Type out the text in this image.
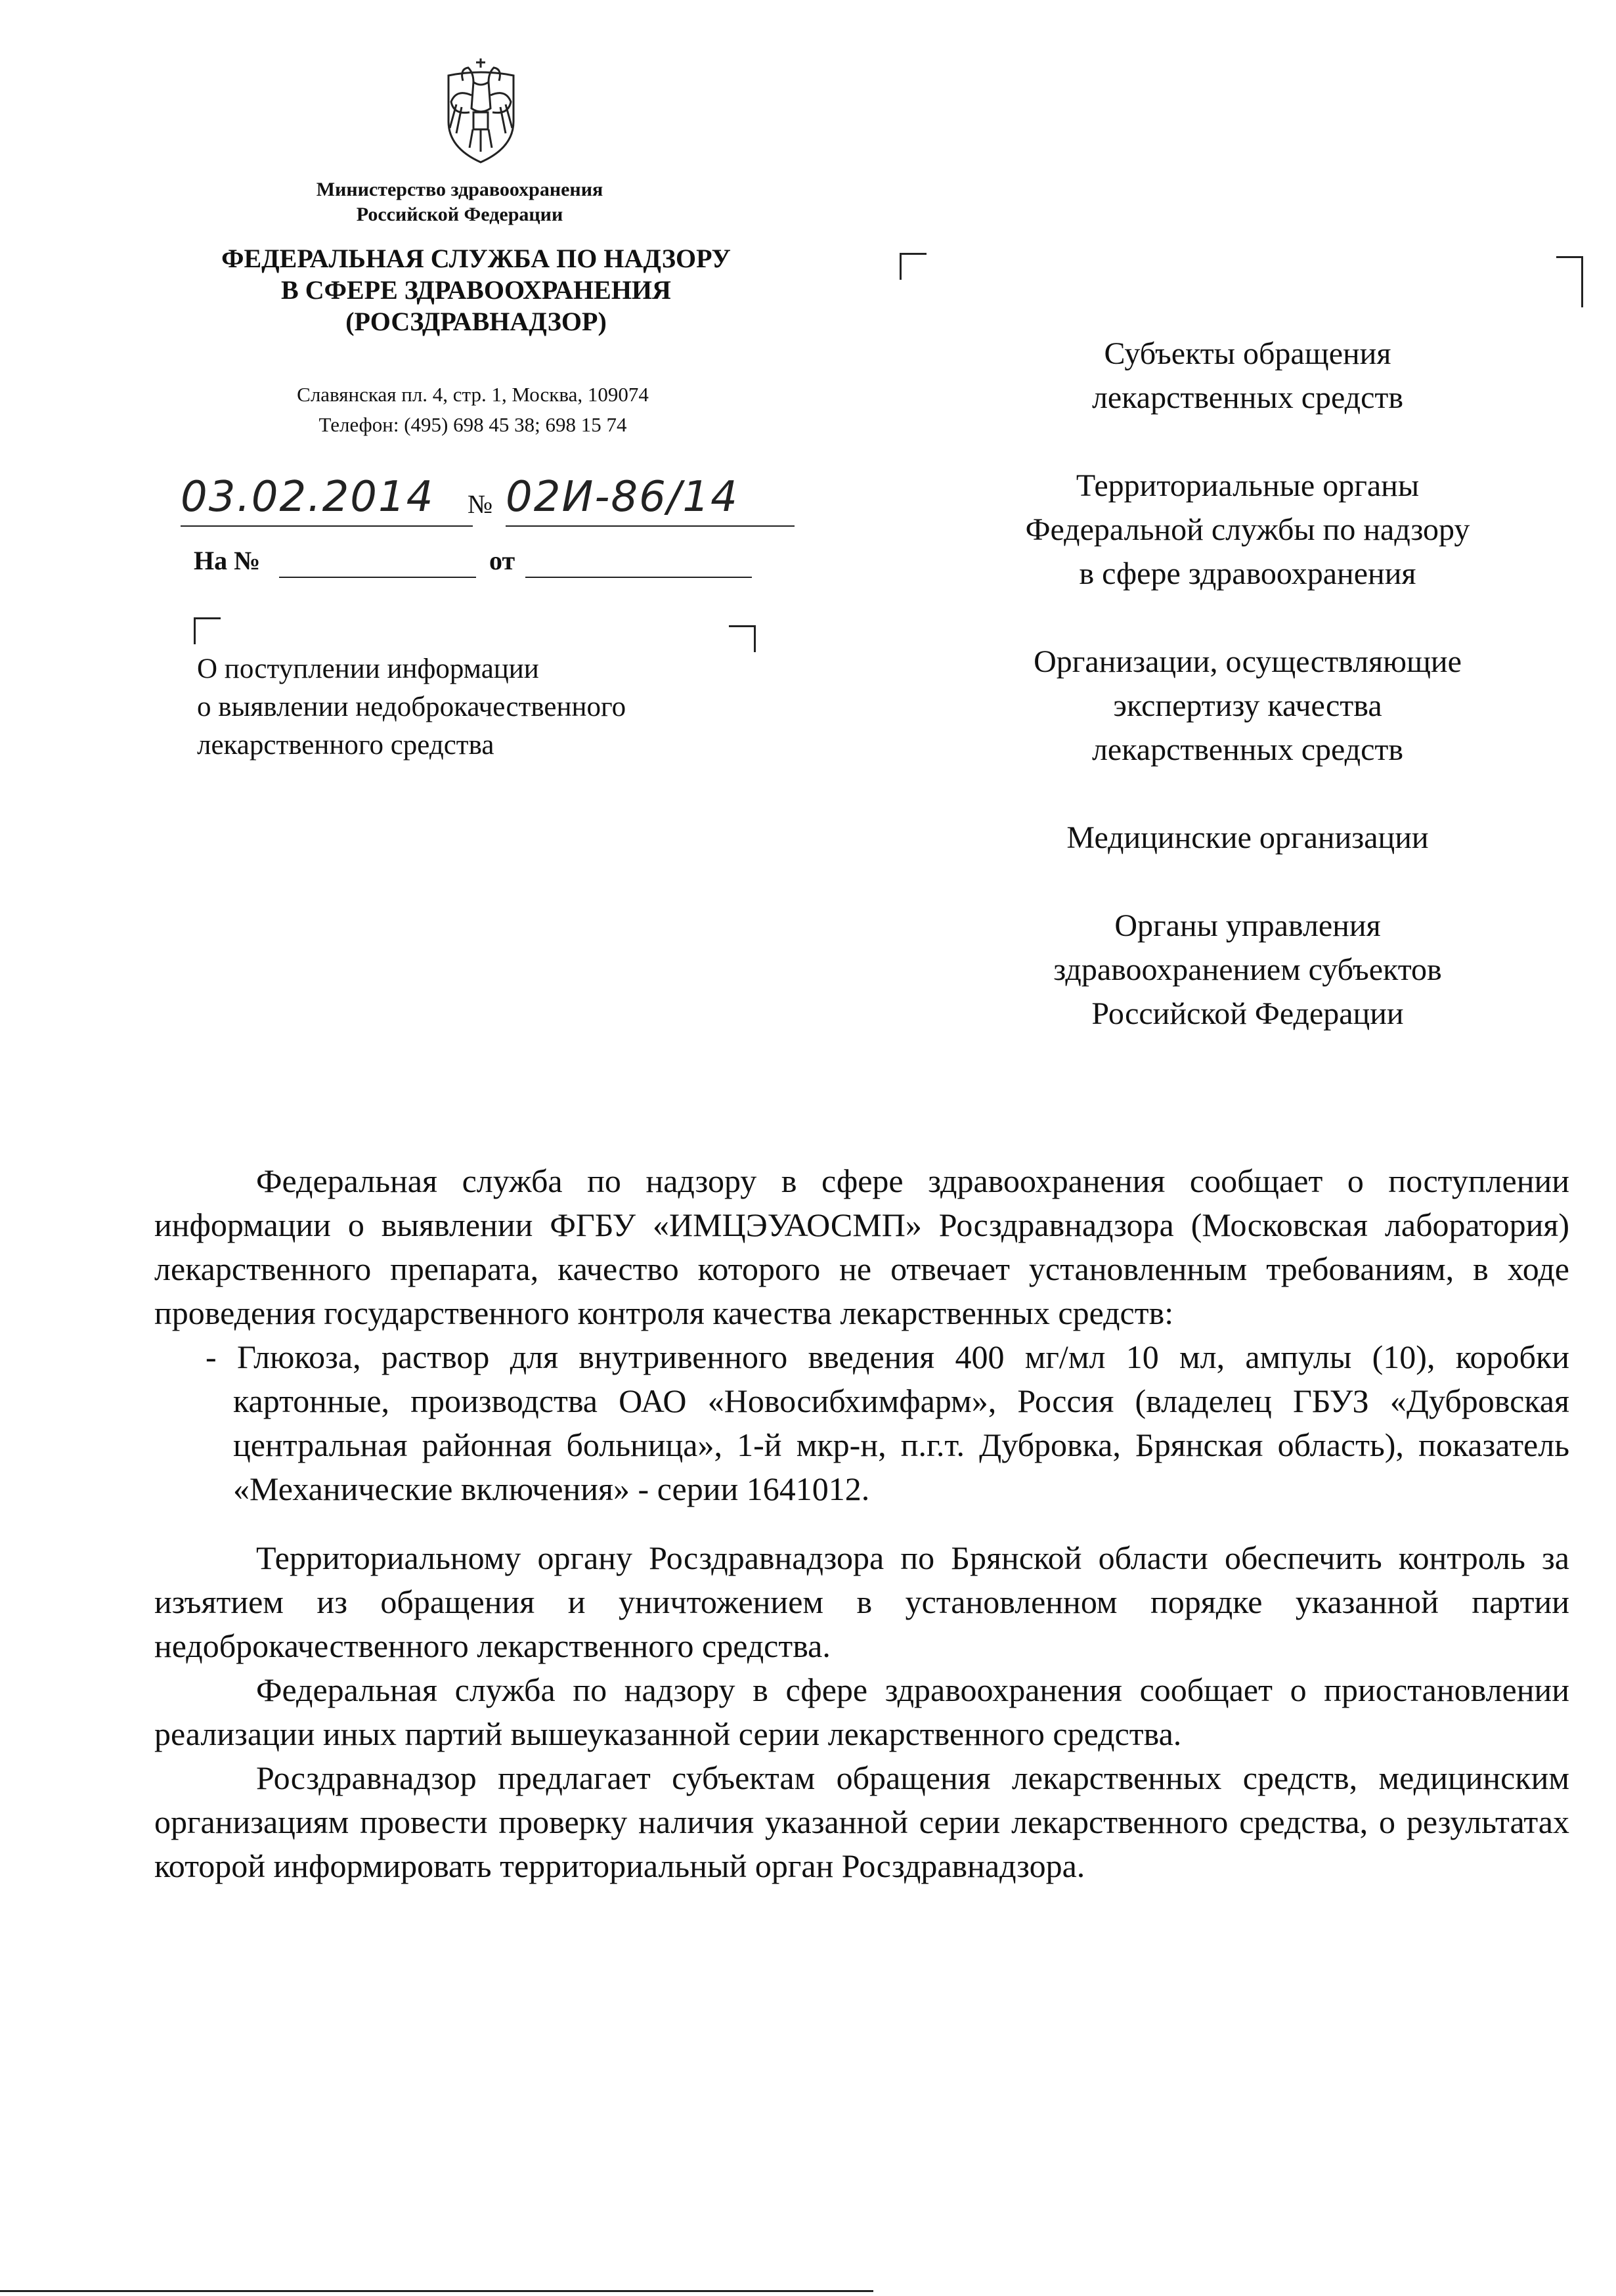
Министерство здравоохранения
Российской Федерации
ФЕДЕРАЛЬНАЯ СЛУЖБА ПО НАДЗОРУ
В СФЕРЕ ЗДРАВООХРАНЕНИЯ
(РОСЗДРАВНАДЗОР)
Славянская пл. 4, стр. 1, Москва, 109074
Телефон: (495) 698 45 38; 698 15 74
03.02.2014 № 02И-86/14
На №	от
О поступлении информации
о выявлении недоброкачественного
лекарственного средства
Субъекты обращения
лекарственных средств
Территориальные органы
Федеральной службы по надзору
в сфере здравоохранения
Организации, осуществляющие
экспертизу качества
лекарственных средств
Медицинские организации
Органы управления
здравоохранением субъектов
Российской Федерации

Федеральная служба по надзору в сфере здравоохранения сообщает о поступлении информации о выявлении ФГБУ «ИМЦЭУАОСМП» Росздравнадзора (Московская лаборатория) лекарственного препарата, качество которого не отвечает установленным требованиям, в ходе проведения государственного контроля качества лекарственных средств:

- Глюкоза, раствор для внутривенного введения 400 мг/мл 10 мл, ампулы (10), коробки картонные, производства ОАО «Новосибхимфарм», Россия (владелец ГБУЗ «Дубровская центральная районная больница», 1-й мкр-н, п.г.т. Дубровка, Брянская область), показатель «Механические включения» - серии 1641012.

Территориальному органу Росздравнадзора по Брянской области обеспечить контроль за изъятием из обращения и уничтожением в установленном порядке указанной партии недоброкачественного лекарственного средства.

Федеральная служба по надзору в сфере здравоохранения сообщает о приостановлении реализации иных партий вышеуказанной серии лекарственного средства.

Росздравнадзор предлагает субъектам обращения лекарственных средств, медицинским организациям провести проверку наличия указанной серии лекарственного средства, о результатах которой информировать территориальный орган Росздравнадзора.
